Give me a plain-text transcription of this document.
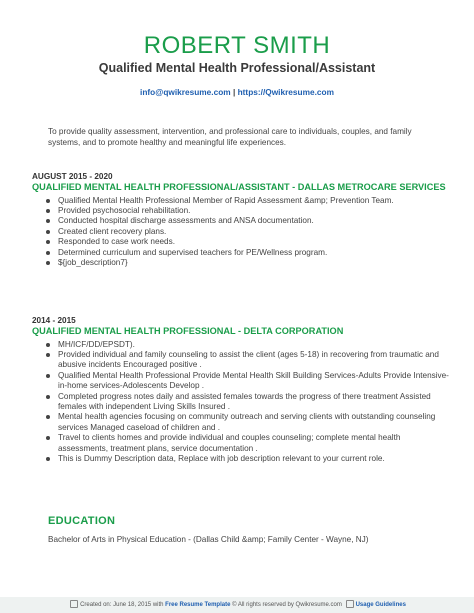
ROBERT SMITH
Qualified Mental Health Professional/Assistant
info@qwikresume.com | https://Qwikresume.com
To provide quality assessment, intervention, and professional care to individuals, couples, and family systems, and to promote healthy and meaningful life experiences.
AUGUST 2015 - 2020
QUALIFIED MENTAL HEALTH PROFESSIONAL/ASSISTANT - DALLAS METROCARE SERVICES
Qualified Mental Health Professional Member of Rapid Assessment &amp; Prevention Team.
Provided psychosocial rehabilitation.
Conducted hospital discharge assessments and ANSA documentation.
Created client recovery plans.
Responded to case work needs.
Determined curriculum and supervised teachers for PE/Wellness program.
${job_description7}
2014 - 2015
QUALIFIED MENTAL HEALTH PROFESSIONAL - DELTA CORPORATION
MH/ICF/DD/EPSDT).
Provided individual and family counseling to assist the client (ages 5-18) in recovering from traumatic and abusive incidents Encouraged positive .
Qualified Mental Health Professional Provide Mental Health Skill Building Services-Adults Provide Intensive-in-home services-Adolescents Develop .
Completed progress notes daily and assisted females towards the progress of there treatment Assisted females with independent Living Skills Insured .
Mental health agencies focusing on community outreach and serving clients with outstanding counseling services Managed caseload of children and .
Travel to clients homes and provide individual and couples counseling; complete mental health assessments, treatment plans, service documentation .
This is Dummy Description data, Replace with job description relevant to your current role.
EDUCATION
Bachelor of Arts in Physical Education - (Dallas Child &amp; Family Center - Wayne, NJ)
Created on: June 18, 2015 with Free Resume Template © All rights reserved by Qwikresume.com Usage Guidelines
